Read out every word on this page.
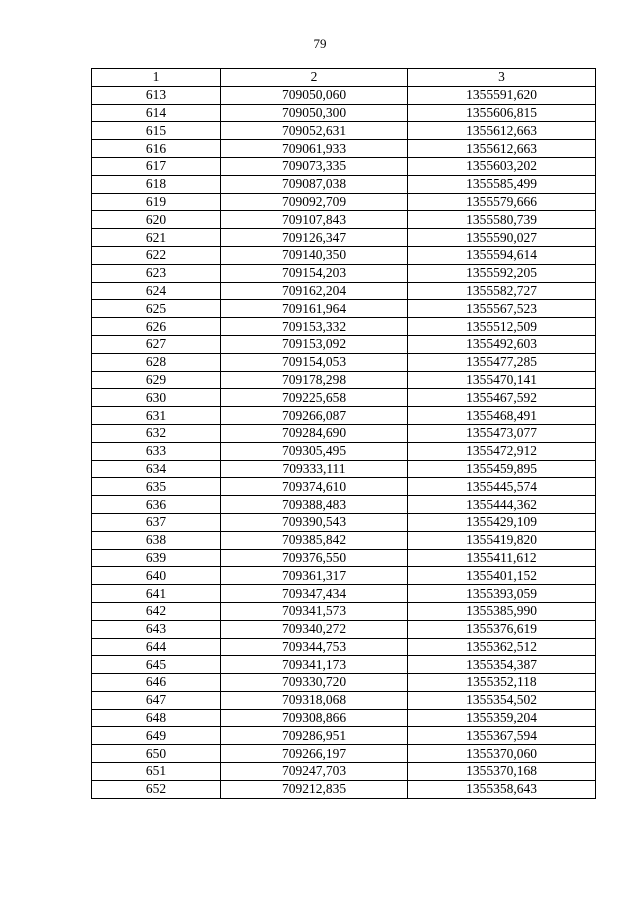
79
1	2	3
613	709050,060	1355591,620
614	709050,300	1355606,815
615	709052,631	1355612,663
616	709061,933	1355612,663
617	709073,335	1355603,202
618	709087,038	1355585,499
619	709092,709	1355579,666
620	709107,843	1355580,739
621	709126,347	1355590,027
622	709140,350	1355594,614
623	709154,203	1355592,205
624	709162,204	1355582,727
625	709161,964	1355567,523
626	709153,332	1355512,509
627	709153,092	1355492,603
628	709154,053	1355477,285
629	709178,298	1355470,141
630	709225,658	1355467,592
631	709266,087	1355468,491
632	709284,690	1355473,077
633	709305,495	1355472,912
634	709333,111	1355459,895
635	709374,610	1355445,574
636	709388,483	1355444,362
637	709390,543	1355429,109
638	709385,842	1355419,820
639	709376,550	1355411,612
640	709361,317	1355401,152
641	709347,434	1355393,059
642	709341,573	1355385,990
643	709340,272	1355376,619
644	709344,753	1355362,512
645	709341,173	1355354,387
646	709330,720	1355352,118
647	709318,068	1355354,502
648	709308,866	1355359,204
649	709286,951	1355367,594
650	709266,197	1355370,060
651	709247,703	1355370,168
652	709212,835	1355358,643
